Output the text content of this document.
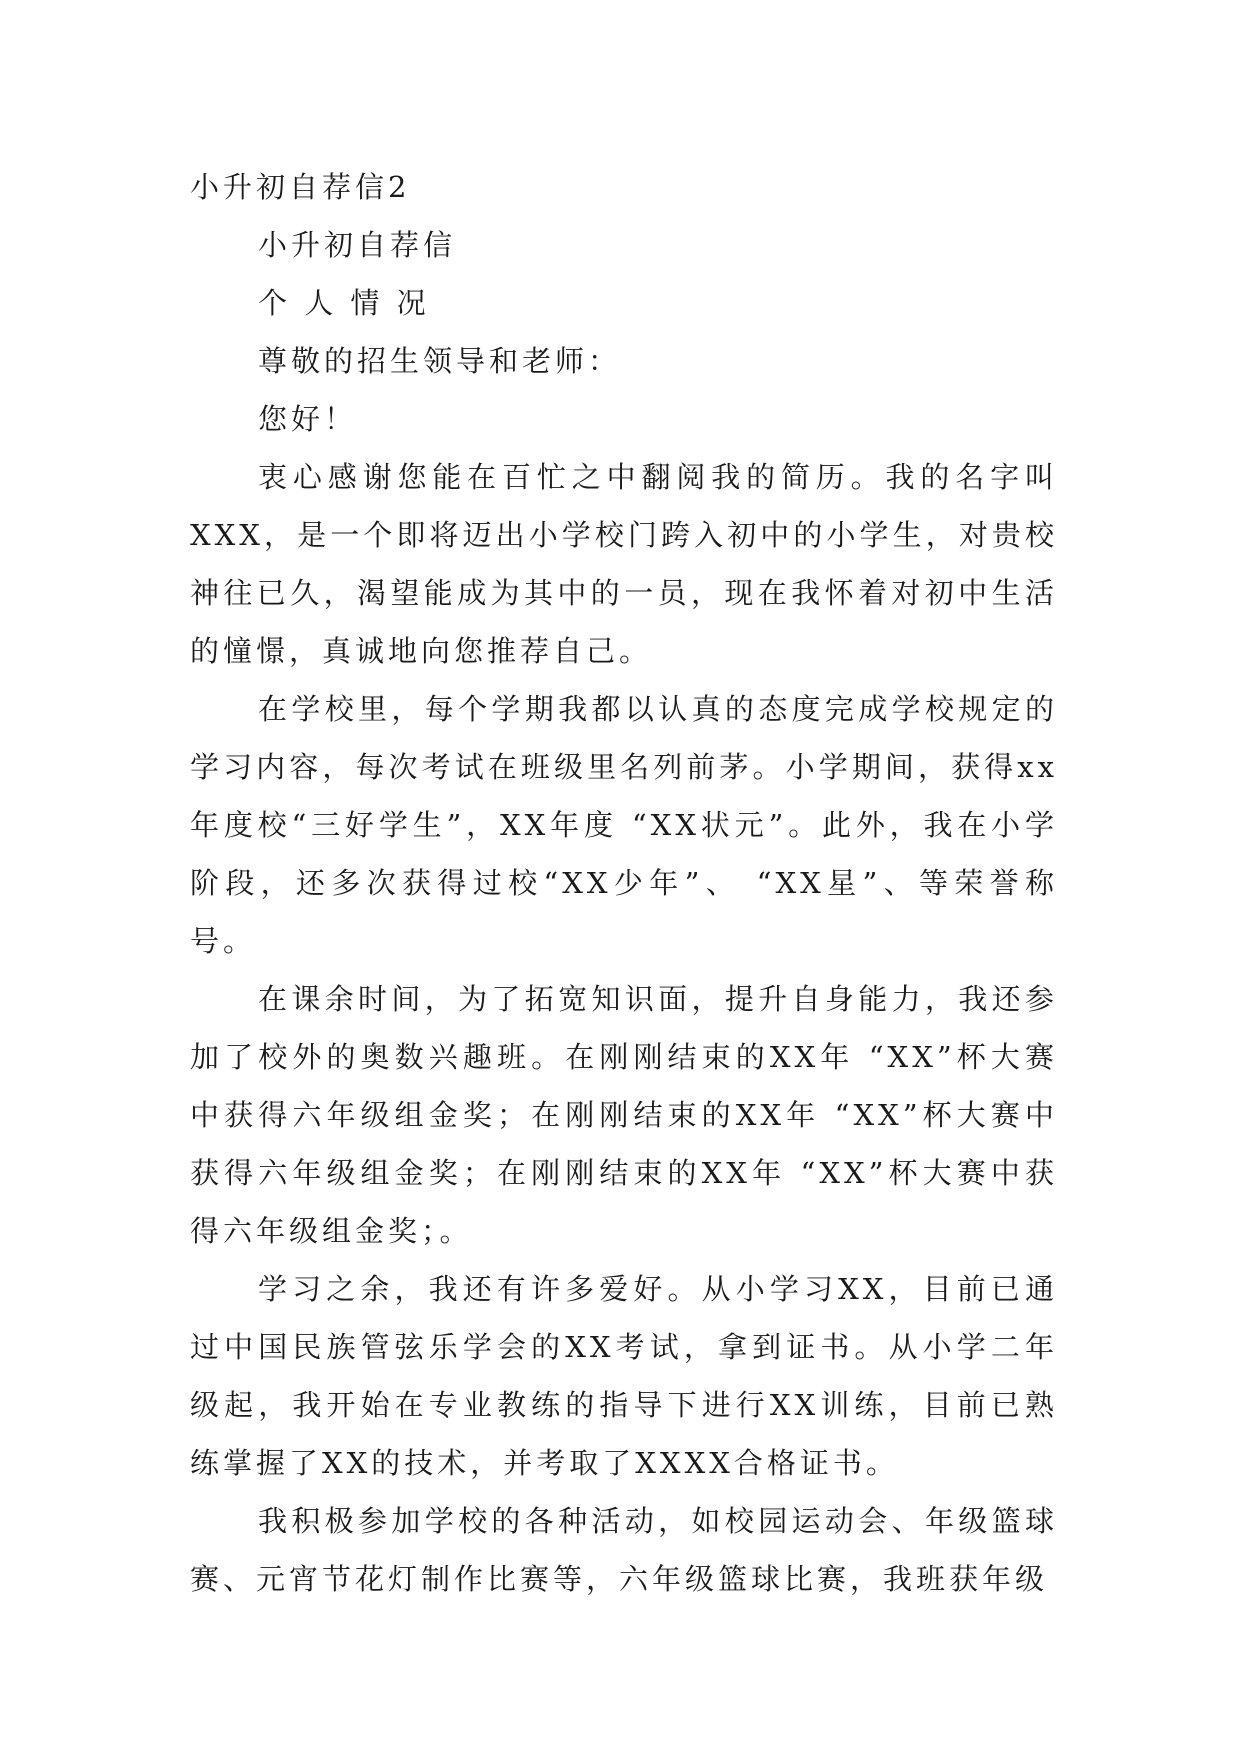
小升初自荐信2
小升初自荐信
个 人 情 况
尊敬的招生领导和老师：
您好！

衷心感谢您能在百忙之中翻阅我的简历。我的名字叫XXX，是一个即将迈出小学校门跨入初中的小学生，对贵校神往已久，渴望能成为其中的一员，现在我怀着对初中生活的憧憬，真诚地向您推荐自己。

在学校里，每个学期我都以认真的态度完成学校规定的学习内容，每次考试在班级里名列前茅。小学期间，获得xx年度校“三好学生”，XX年度 “XX状元”。此外，我在小学阶段，还多次获得过校“XX少年”、 “XX星”、等荣誉称号。

在课余时间，为了拓宽知识面，提升自身能力，我还参加了校外的奥数兴趣班。在刚刚结束的XX年 “XX”杯大赛中获得六年级组金奖；在刚刚结束的XX年 “XX”杯大赛中获得六年级组金奖；在刚刚结束的XX年 “XX”杯大赛中获得六年级组金奖；。

学习之余，我还有许多爱好。从小学习XX，目前已通过中国民族管弦乐学会的XX考试，拿到证书。从小学二年级起，我开始在专业教练的指导下进行XX训练，目前已熟练掌握了XX的技术，并考取了XXXX合格证书。

我积极参加学校的各种活动，如校园运动会、年级篮球赛、元宵节花灯制作比赛等，六年级篮球比赛，我班获年级
